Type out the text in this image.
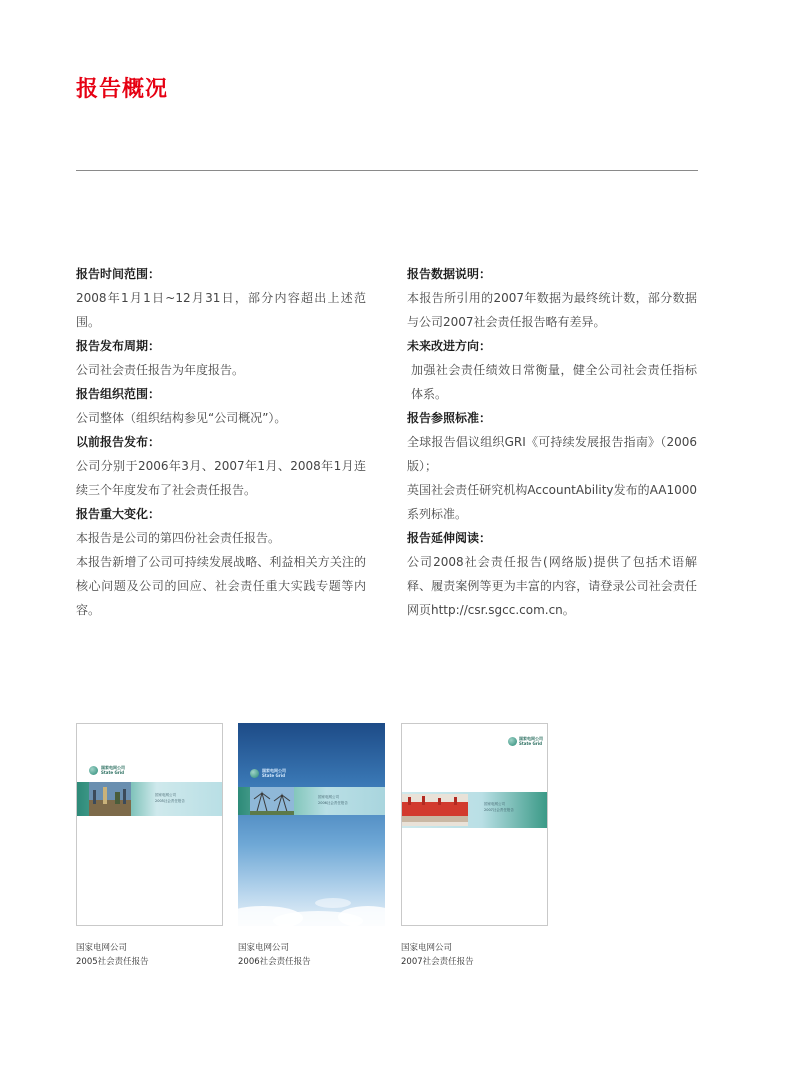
报告概况
报告时间范围：
2008年1月1日~12月31日，部分内容超出上述范围。
报告发布周期：
公司社会责任报告为年度报告。
报告组织范围：
公司整体（组织结构参见“公司概况”）。
以前报告发布：
公司分别于2006年3月、2007年1月、2008年1月连续三个年度发布了社会责任报告。
报告重大变化：
本报告是公司的第四份社会责任报告。
本报告新增了公司可持续发展战略、利益相关方关注的核心问题及公司的回应、社会责任重大实践专题等内容。
报告数据说明：
本报告所引用的2007年数据为最终统计数，部分数据与公司2007社会责任报告略有差异。
未来改进方向：
加强社会责任绩效日常衡量，健全公司社会责任指标体系。
报告参照标准：
全球报告倡议组织GRI《可持续发展报告指南》（2006版）；
英国社会责任研究机构AccountAbility发布的AA1000系列标准。
报告延伸阅读：
公司2008社会责任报告(网络版)提供了包括术语解释、履责案例等更为丰富的内容，请登录公司社会责任网页http://csr.sgcc.com.cn。
国家电网公司
State Grid
国家电网公司
2005社会责任报告
国家电网公司
State Grid
国家电网公司
2006社会责任报告
国家电网公司
State Grid
国家电网公司
2007社会责任报告
国家电网公司
2005社会责任报告
国家电网公司
2006社会责任报告
国家电网公司
2007社会责任报告
